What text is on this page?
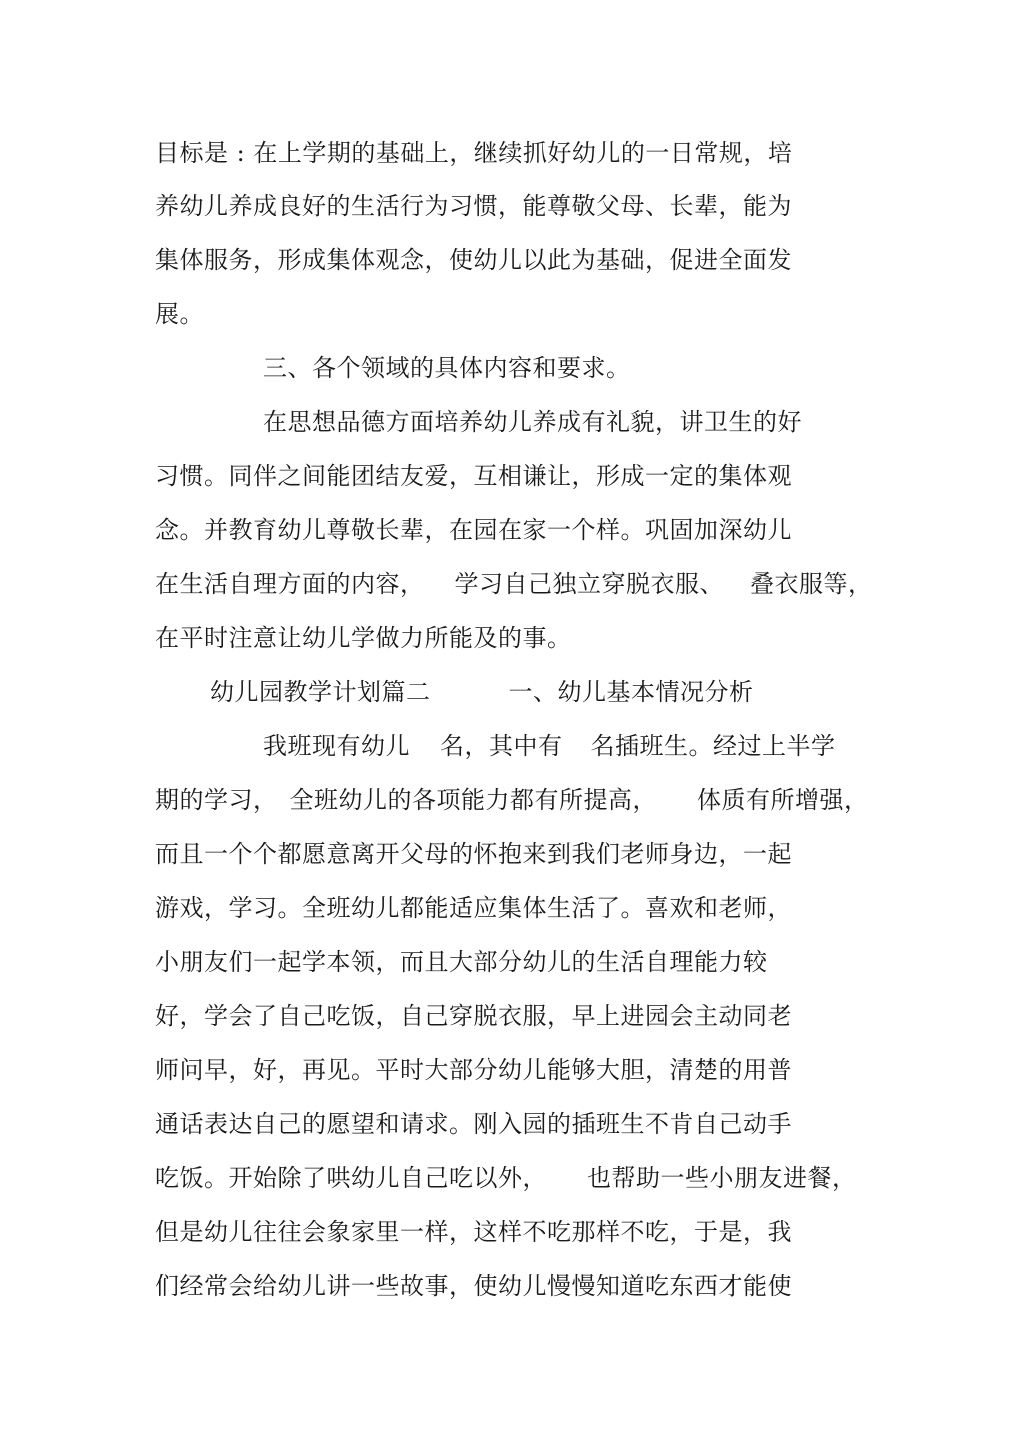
目标是 : 在上学期的基础上，继续抓好幼儿的一日常规，培
养幼儿养成良好的生活行为习惯，能尊敬父母、长辈，能为
集体服务，形成集体观念，使幼儿以此为基础，促进全面发
展。
三、各个领域的具体内容和要求。
在思想品德方面培养幼儿养成有礼貌，讲卫生的好
习惯。同伴之间能团结友爱，互相谦让，形成一定的集体观
念。并教育幼儿尊敬长辈，在园在家一个样。巩固加深幼儿
在生活自理方面的内容， 学习自己独立穿脱衣服、 叠衣服等，
在平时注意让幼儿学做力所能及的事。
幼儿园教学计划篇二	一、幼儿基本情况分析
我班现有幼儿 名，其中有 名插班生。经过上半学
期的学习， 全班幼儿的各项能力都有所提高， 体质有所增强，
而且一个个都愿意离开父母的怀抱来到我们老师身边，一起
游戏，学习。全班幼儿都能适应集体生活了。喜欢和老师，
小朋友们一起学本领，而且大部分幼儿的生活自理能力较
好，学会了自己吃饭，自己穿脱衣服，早上进园会主动同老
师问早，好，再见。平时大部分幼儿能够大胆，清楚的用普
通话表达自己的愿望和请求。刚入园的插班生不肯自己动手
吃饭。开始除了哄幼儿自己吃以外， 也帮助一些小朋友进餐，
但是幼儿往往会象家里一样，这样不吃那样不吃，于是，我
们经常会给幼儿讲一些故事，使幼儿慢慢知道吃东西才能使
